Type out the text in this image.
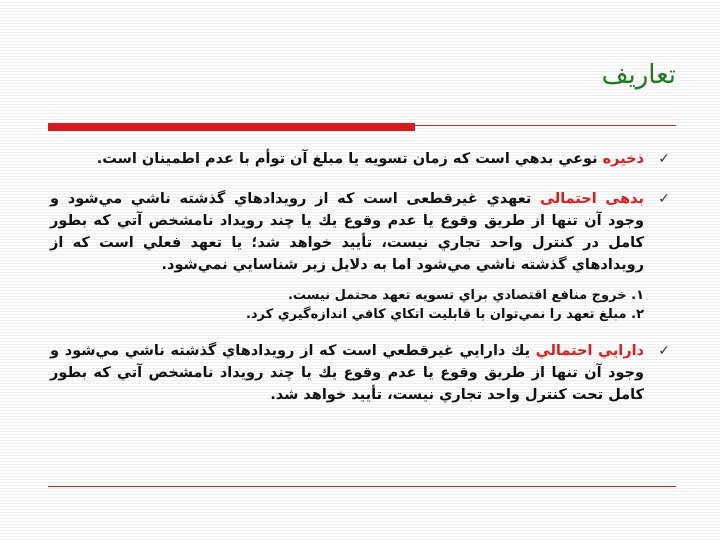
تعاریف
✓
ذخيره نوعي بدهي است که زمان تسويه يا مبلغ آن توأم با عدم اطمينان است.
✓
بدهی احتمالی تعهدي غيرقطعی است که از رويدادهاي گذشته ناشي مي‌شود و وجود آن تنها از طريق وقوع يا عدم وقوع يك يا چند رويداد نامشخص آتي که بطور کامل در کنترل واحد تجاري نيست، تأييد خواهد شد؛ يا تعهد فعلي است که از رويدادهاي گذشته ناشي مي‌شود اما به دلايل زير شناسايي نمي‌شود.
۱. خروج منافع اقتصادي براي تسويه تعهد محتمل نيست.
۲. مبلغ تعهد را نمي‌توان با قابليت اتكاي كافي اندازه‌گيري كرد.
✓
دارايي احتمالي يك دارايي غيرقطعي است که از رويدادهاي گذشته ناشي مي‌شود و وجود آن تنها از طريق وقوع يا عدم وقوع يك يا چند رويداد نامشخص آتي که بطور کامل تحت کنترل واحد تجاري نيست، تأييد خواهد شد.
